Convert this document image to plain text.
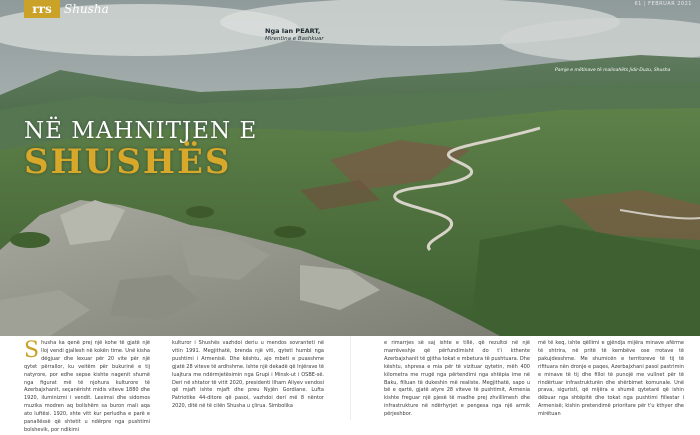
rrs	Shusha	61 | FEBRUAR 2021
Nga Ian PEART,
Mirentina e Bashkuar
Pamje e mëtinave të malinahëts Jidir-Duzu, Shusha
NË MAHNITJEN E
SHUSHËS

Shusha ka qenë prej një kohe të gjatë një lloj vendi gjallesh në kokën time. Unë kisha dëgjuar dhe lexuar për 20 vite për një qytet përrallor, ku veitëm për bukurinë e tij natyrore, por edhe sepse kishte nagenit shumë nga figurat më të njohura kulturore të Azerbajxhanit, seçanërisht midis viteve 1880 dhe 1920, iluminizmi i vendit. Leximsi dhe sidomos muzika modren aq bollshëm sa buron mali aqa ato luftësi. 1920, shte vitt kur perludha e parë e panallëssë që shtetit u ndërpre nga pushtimi bolshevik, por ndikimi

kulturor i Shushës vazhdoi deriu u mendos sovranteti në vitin 1991. Megjithatë, brenda një viti, qyteti humbi nga pushtimi i Armenisë. Dhe kështu, ajo mbeti e puasshme gjatë 28 viteve të ardhshme. Ishte një dekadë që Injërave të luajtura me ndërmjetësimin nga Grupi i Minsk-ut i OSBE-së. Deri në shtator të vitit 2020, presidenti Ilham Aliyev vendosi që mjaft ishte mjaft dhe preu Nyjën Gordiane. Lufta Patriotike 44-ditore që pasoi, vazhdoi deri më 8 nëntor 2020, ditë në të cilën Shusha u çlirua. Simbolika

e rimarrjes së saj ishte e tillë, që rezultoi në një marrëveshje që përfundimisht do t'i kthente Azerbajxhanit të gjitha tokat e mbetura të pushtuara. Dhe kështu, shpresa e mia për të vizituar qytetin, mëh 400 kilometra me rrugë nga përtendimi nga shtëpia ime në Baku, filluan të dukeshin më realiste. Megjithatë, sapo u bë e qartë, gjatë atyre 28 viteve të pushtimit, Armenia kishte freguar një pjesë të madhe prej zhvillimesh dhe infrastrukture në ndërhyrjet e pengesa nga një armik përjeshbor.

më të keq, ishte qëllimi e gjëndja mijëra minave afërme të shtrira, në pritë të kembëve ose rrotave të pakujdesshme. Me shumicën e territoreve të tij të rifituara nën dronje e paqes, Azerbajxhani pasoi pastrimin e minave të tij dhe filloi të punojë me vullnet për të rindërtuar infrastrukturën dhe shërbimet komunale. Unë prava, siguristi, që mijëra e shumë qytetarë që ishin dëbuar nga shtëpitë dhe tokat nga pushtimi fillestar i Armenisë; kishin pretendimë prioritare për t'u kthyer dhe mirëtuan
